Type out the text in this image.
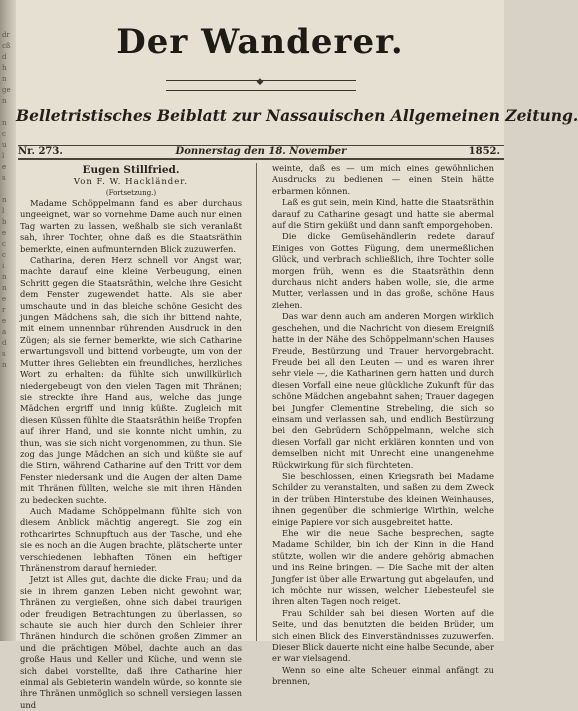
dr
cß
d
h
n
ge
n

n
c
u
l
e
s

n
l
b
e
c
c
i
n
n
e
r
e
a
d
s
n
Der Wanderer.
◆
Belletristisches Beiblatt zur Nassauischen Allgemeinen Zeitung.
Nr. 273.	Donnerstag den 18. November	1852.
Eugen Stillfried.
Von F. W. Hackländer.
(Fortsetzung.)

Madame Schöppelmann fand es aber durchaus ungeeignet, war so vornehme Dame auch nur einen Tag warten zu lassen, weßhalb sie sich veranlaßt sah, ihrer Tochter, ohne daß es die Staatsräthin bemerkte, einen aufmunternden Blick zuzuwerfen.

Catharina, deren Herz schnell vor Angst war, machte darauf eine kleine Verbeugung, einen Schritt gegen die Staatsräthin, welche ihre Gesicht dem Fenster zugewendet hatte. Als sie aber umschaute und in das bleiche schöne Gesicht des jungen Mädchens sah, die sich ihr bittend nahte, mit einem unnennbar rührenden Ausdruck in den Zügen; als sie ferner bemerkte, wie sich Catharine erwartungsvoll und bittend vorbeugte, um von der Mutter ihres Geliebten ein freundliches, herzliches Wort zu erhalten: da fühlte sich unwillkürlich niedergebeugt von den vielen Tagen mit Thränen; sie streckte ihre Hand aus, welche das junge Mädchen ergriff und innig küßte. Zugleich mit diesen Küssen fühlte die Staatsräthin heiße Tropfen auf ihrer Hand, und sie konnte nicht umhin, zu thun, was sie sich nicht vorgenommen, zu thun. Sie zog das junge Mädchen an sich und küßte sie auf die Stirn, während Catharine auf den Tritt vor dem Fenster niedersank und die Augen der alten Dame mit Thränen füllten, welche sie mit ihren Händen zu bedecken suchte.

Auch Madame Schöppelmann fühlte sich von diesem Anblick mächtig angeregt. Sie zog ein rothcarirtes Schnupftuch aus der Tasche, und ehe sie es noch an die Augen brachte, plätscherte unter verschiedenen lebhaften Tönen ein heftiger Thränenstrom darauf hernieder.

Jetzt ist Alles gut, dachte die dicke Frau; und da sie in ihrem ganzen Leben nicht gewohnt war, Thränen zu vergießen, ohne sich dabei traurigen oder freudigen Betrachtungen zu überlassen, so schaute sie auch hier durch den Schleier ihrer Thränen hindurch die schönen großen Zimmer an und die prächtigen Möbel, dachte auch an das große Haus und Keller und Küche, und wenn sie sich dabei vorstellte, daß ihre Catharine hier einmal als Gebieterin wandeln würde, so konnte sie ihre Thränen unmöglich so schnell versiegen lassen und

weinte, daß es — um mich eines gewöhnlichen Ausdrucks zu bedienen — einen Stein hätte erbarmen können.

Laß es gut sein, mein Kind, hatte die Staatsräthin darauf zu Catharine gesagt und hatte sie abermal auf die Stirn geküßt und dann sanft emporgehoben.

Die dicke Gemüsehändlerin redete darauf Einiges von Gottes Fügung, dem unermeßlichen Glück, und verbrach schließlich, ihre Tochter solle morgen früh, wenn es die Staatsräthin denn durchaus nicht anders haben wolle, sie, die arme Mutter, verlassen und in das große, schöne Haus ziehen.

Das war denn auch am anderen Morgen wirklich geschehen, und die Nachricht von diesem Ereigniß hatte in der Nähe des Schöppelmann'schen Hauses Freude, Bestürzung und Trauer hervorgebracht. Freude bei all den Leuten — und es waren ihrer sehr viele —, die Katharinen gern hatten und durch diesen Vorfall eine neue glückliche Zukunft für das schöne Mädchen angebahnt sahen; Trauer dagegen bei Jungfer Clementine Strebeling, die sich so einsam und verlassen sah, und endlich Bestürzung bei den Gebrüdern Schöppelmann, welche sich diesen Vorfall gar nicht erklären konnten und von demselben nicht mit Unrecht eine unangenehme Rückwirkung für sich fürchteten.

Sie beschlossen, einen Kriegsrath bei Madame Schilder zu veranstalten, und saßen zu dem Zweck in der trüben Hinterstube des kleinen Weinhauses, ihnen gegenüber die schmierige Wirthin, welche einige Papiere vor sich ausgebreitet hatte.

Ehe wir die neue Sache besprechen, sagte Madame Schilder, bin ich der Kinn in die Hand stützte, wollen wir die andere gehörig abmachen und ins Reine bringen. — Die Sache mit der alten Jungfer ist über alle Erwartung gut abgelaufen, und ich möchte nur wissen, welcher Liebesteufel sie ihren alten Tagen noch reiget.

Frau Schilder sah bei diesen Worten auf die Seite, und das benutzten die beiden Brüder, um sich einen Blick des Einverständnisses zuzuwerfen. Dieser Blick dauerte nicht eine halbe Secunde, aber er war vielsagend.

Wenn so eine alte Scheuer einmal anfängt zu brennen,
